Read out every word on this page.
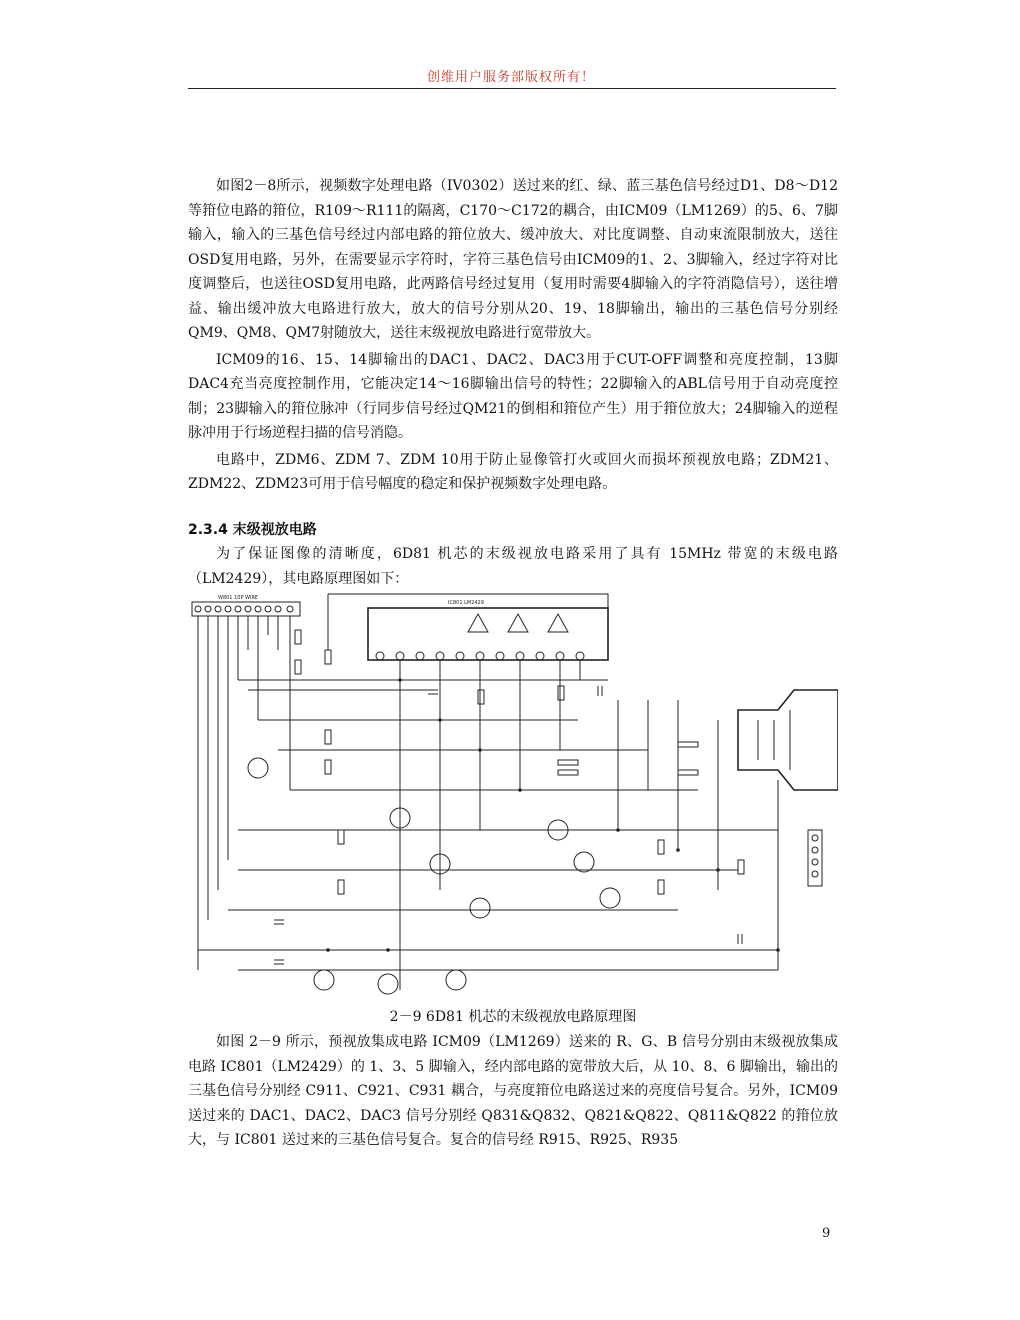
创维用户服务部版权所有！

如图2－8所示，视频数字处理电路（IV0302）送过来的红、绿、蓝三基色信号经过D1、D8～D12等箝位电路的箝位，R109～R111的隔离，C170～C172的耦合，由ICM09（LM1269）的5、6、7脚输入，输入的三基色信号经过内部电路的箝位放大、缓冲放大、对比度调整、自动束流限制放大，送往OSD复用电路，另外，在需要显示字符时，字符三基色信号由ICM09的1、2、3脚输入，经过字符对比度调整后，也送往OSD复用电路，此两路信号经过复用（复用时需要4脚输入的字符消隐信号），送往增益、输出缓冲放大电路进行放大，放大的信号分别从20、19、18脚输出，输出的三基色信号分别经QM9、QM8、QM7射随放大，送往末级视放电路进行宽带放大。

ICM09的16、15、14脚输出的DAC1、DAC2、DAC3用于CUT-OFF调整和亮度控制，13脚DAC4充当亮度控制作用，它能决定14～16脚输出信号的特性；22脚输入的ABL信号用于自动亮度控制；23脚输入的箝位脉冲（行同步信号经过QM21的倒相和箝位产生）用于箝位放大；24脚输入的逆程脉冲用于行场逆程扫描的信号消隐。

电路中，ZDM6、ZDM 7、ZDM 10用于防止显像管打火或回火而损坏预视放电路；ZDM21、ZDM22、ZDM23可用于信号幅度的稳定和保护视频数字处理电路。

2.3.4 末级视放电路

为了保证图像的清晰度，6D81 机芯的末级视放电路采用了具有 15MHz 带宽的末级电路（LM2429），其电路原理图如下：

W801 10P WIRE
IC801 LM2429
2－9 6D81 机芯的末级视放电路原理图

如图 2－9 所示，预视放集成电路 ICM09（LM1269）送来的 R、G、B 信号分别由末级视放集成电路 IC801（LM2429）的 1、3、5 脚输入，经内部电路的宽带放大后，从 10、8、6 脚输出，输出的三基色信号分别经 C911、C921、C931 耦合，与亮度箝位电路送过来的亮度信号复合。另外，ICM09 送过来的 DAC1、DAC2、DAC3 信号分别经 Q831&Q832、Q821&Q822、Q811&Q822 的箝位放大，与 IC801 送过来的三基色信号复合。复合的信号经 R915、R925、R935

9
